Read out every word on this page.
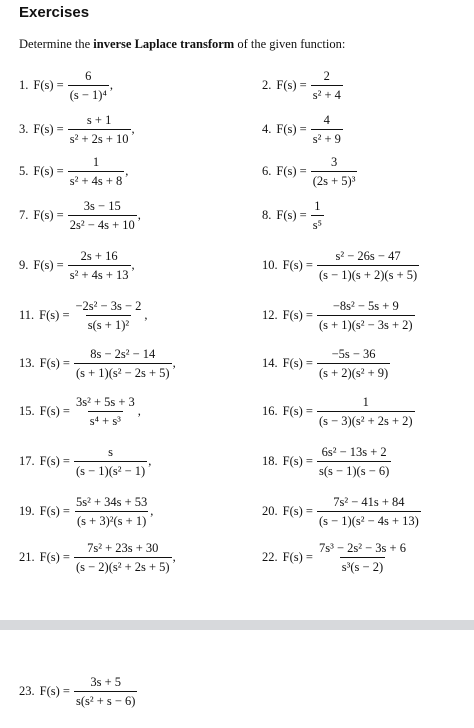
Exercises
Determine the inverse Laplace transform of the given function:
1. $F(s) = \frac{6}{\text{(s − 1)⁴}}$ ,	2. $F(s) = \frac{2}{\text{s² + 4}}$
3. $F(s) = \frac{s + 1}{\text{s² + 2s + 10}}$ ,	4. $F(s) = \frac{4}{\text{s² + 9}}$
5. $F(s) = \frac{1}{\text{s² + 4s + 8}}$ ,	6. $F(s) = \frac{3}{\text{(2s + 5)³}}$
7. $F(s) = \frac{3s - 15}{\text{2s² − 4s + 10}}$ ,	8. $F(s) = \frac{1}{\text{s⁵}}$
9. $F(s) = \frac{2s + 16}{\text{s² + 4s + 13}}$ ,	10. $F(s) = \frac{\text{s² − 26s − 47}}{(s - 1)(s + 2)(s + 5)}$
11. $F(s) = \frac{\text{−2s² − 3s − 2}}{\text{s(s + 1)²}}$ ,	12. $F(s) = \frac{\text{−8s² − 5s + 9}}{\text{(s + 1)(s² − 3s + 2)}}$
13. $F(s) = \frac{\text{8s − 2s² − 14}}{\text{(s + 1)(s² − 2s + 5)}}$ ,	14. $F(s) = \frac{-5s - 36}{\text{(s + 2)(s² + 9)}}$
15. $F(s) = \frac{\text{3s² + 5s + 3}}{\text{s⁴ + s³}}$ ,	16. $F(s) = \frac{1}{\text{(s − 3)(s² + 2s + 2)}}$
17. $F(s) = \frac{s}{\text{(s − 1)(s² − 1)}}$ ,	18. $F(s) = \frac{\text{6s² − 13s + 2}}{s(s - 1)(s - 6)}$
19. $F(s) = \frac{\text{5s² + 34s + 53}}{\text{(s + 3)²(s + 1)}}$ ,	20. $F(s) = \frac{\text{7s² − 41s + 84}}{\text{(s − 1)(s² − 4s + 13)}}$
21. $F(s) = \frac{\text{7s² + 23s + 30}}{\text{(s − 2)(s² + 2s + 5)}}$ ,	22. $F(s) = \frac{\text{7s³ − 2s² − 3s + 6}}{\text{s³(s − 2)}}$
23. $F(s) = \frac{3s + 5}{\text{s(s² + s − 6)}}$
